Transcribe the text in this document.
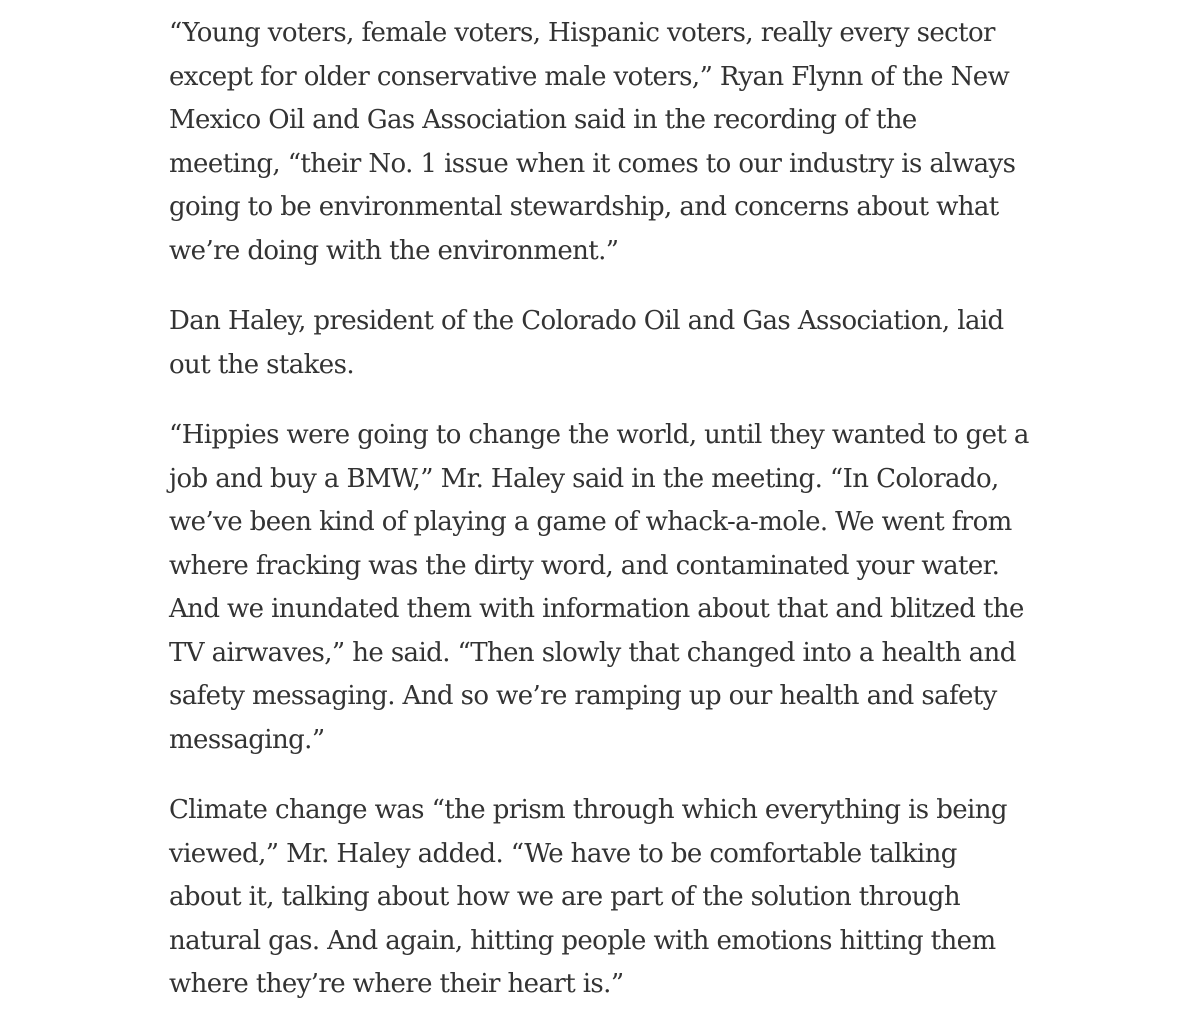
“Young voters, female voters, Hispanic voters, really every sector
except for older conservative male voters,” Ryan Flynn of the New
Mexico Oil and Gas Association said in the recording of the
meeting, “their No. 1 issue when it comes to our industry is always
going to be environmental stewardship, and concerns about what
we’re doing with the environment.”

Dan Haley, president of the Colorado Oil and Gas Association, laid
out the stakes.

“Hippies were going to change the world, until they wanted to get a
job and buy a BMW,” Mr. Haley said in the meeting. “In Colorado,
we’ve been kind of playing a game of whack-a-mole. We went from
where fracking was the dirty word, and contaminated your water.
And we inundated them with information about that and blitzed the
TV airwaves,” he said. “Then slowly that changed into a health and
safety messaging. And so we’re ramping up our health and safety
messaging.”

Climate change was “the prism through which everything is being
viewed,” Mr. Haley added. “We have to be comfortable talking
about it, talking about how we are part of the solution through
natural gas. And again, hitting people with emotions hitting them
where they’re where their heart is.”
